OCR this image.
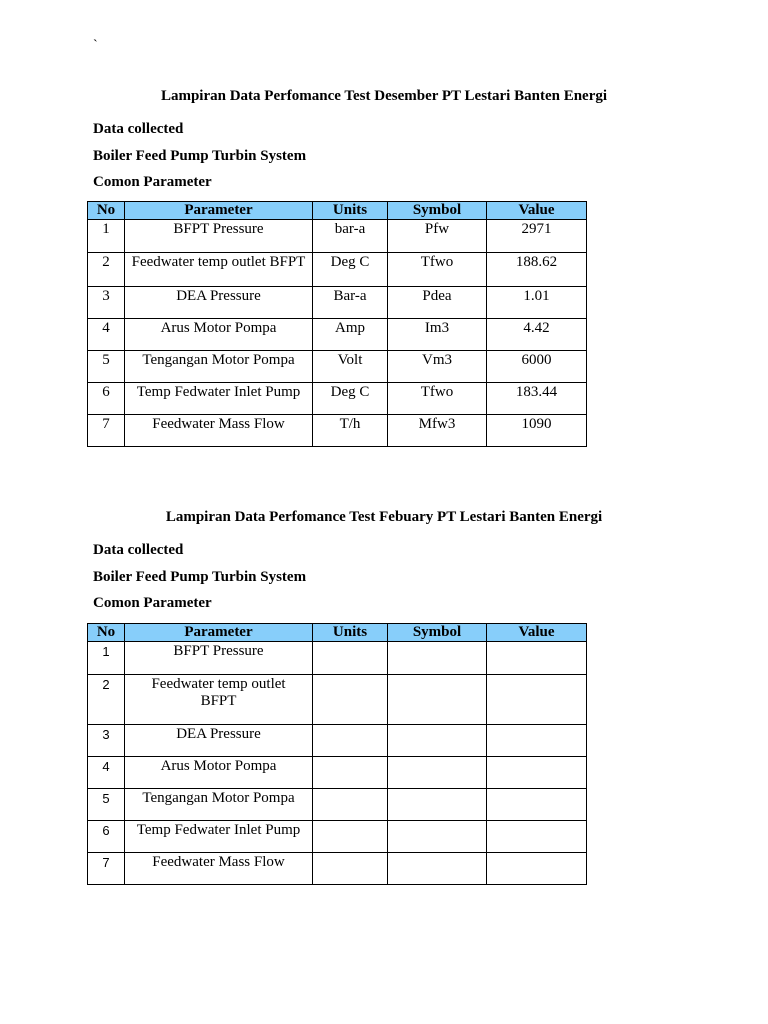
`
Lampiran Data Perfomance Test Desember PT Lestari Banten Energi
Data collected
Boiler Feed Pump Turbin System
Comon Parameter
No	Parameter	Units	Symbol	Value
1	BFPT Pressure	bar-a	Pfw	2971
2	Feedwater temp outlet BFPT	Deg C	Tfwo	188.62
3	DEA Pressure	Bar-a	Pdea	1.01
4	Arus Motor Pompa	Amp	Im3	4.42
5	Tengangan Motor Pompa	Volt	Vm3	6000
6	Temp Fedwater Inlet Pump	Deg C	Tfwo	183.44
7	Feedwater Mass Flow	T/h	Mfw3	1090
Lampiran Data Perfomance Test Febuary PT Lestari Banten Energi
Data collected
Boiler Feed Pump Turbin System
Comon Parameter
No	Parameter	Units	Symbol	Value
1	BFPT Pressure			
2	Feedwater temp outlet
BFPT			

3	DEA Pressure			
4	Arus Motor Pompa			
5	Tengangan Motor Pompa			
6	Temp Fedwater Inlet Pump			
7	Feedwater Mass Flow			
